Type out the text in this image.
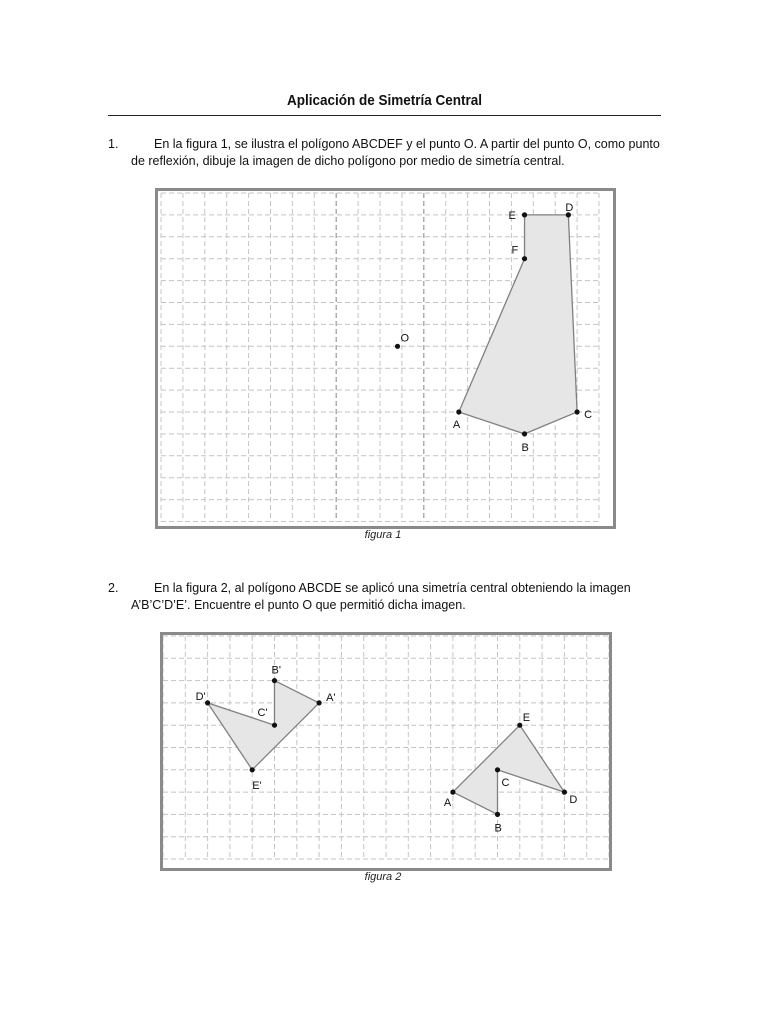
Aplicación de Simetría Central
1.	En la figura 1, se ilustra el polígono ABCDEF y el punto O. A partir del punto O, como punto de reflexión, dibuje la imagen de dicho polígono por medio de simetría central.
A
B
C
D
E
F
O
figura 1
2.	En la figura 2, al polígono ABCDE se aplicó una simetría central obteniendo la imagen A’B’C’D’E’. Encuentre el punto O que permitió dicha imagen.
A
B
C
D
E
A'
B'
C'
D'
E'
figura 2
